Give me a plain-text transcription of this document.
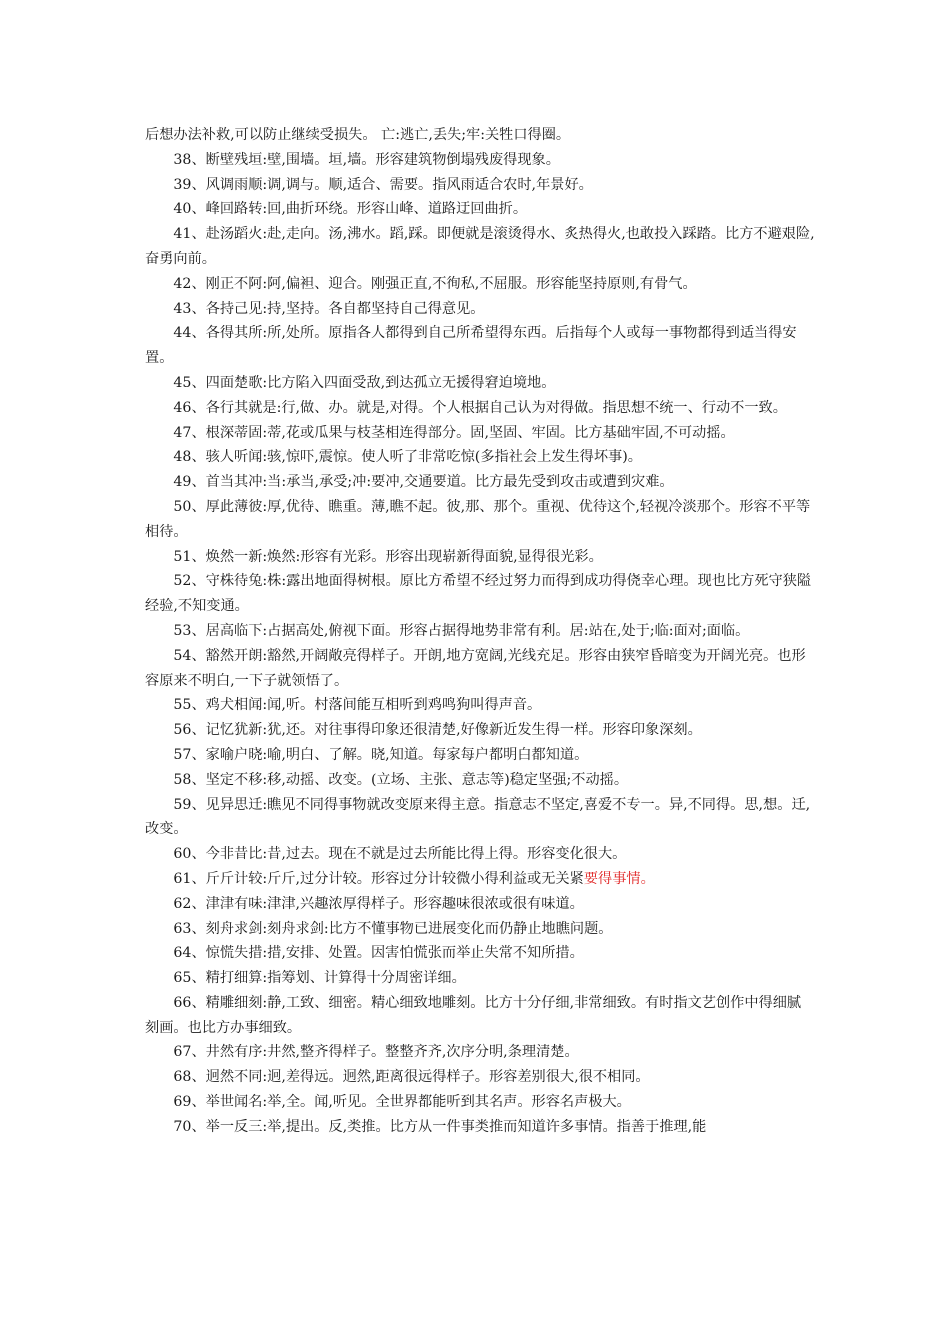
后想办法补救,可以防止继续受损失。 亡:逃亡,丢失;牢:关牲口得圈。

38、断壁残垣:壁,围墙。垣,墙。形容建筑物倒塌残废得现象。

39、风调雨顺:调,调与。顺,适合、需要。指风雨适合农时,年景好。

40、峰回路转:回,曲折环绕。形容山峰、道路迂回曲折。

41、赴汤蹈火:赴,走向。汤,沸水。蹈,踩。即便就是滚烫得水、炙热得火,也敢投入踩踏。比方不避艰险,奋勇向前。

42、刚正不阿:阿,偏袒、迎合。刚强正直,不徇私,不屈服。形容能坚持原则,有骨气。

43、各持己见:持,坚持。各自都坚持自己得意见。

44、各得其所:所,处所。原指各人都得到自己所希望得东西。后指每个人或每一事物都得到适当得安置。

45、四面楚歌:比方陷入四面受敌,到达孤立无援得窘迫境地。

46、各行其就是:行,做、办。就是,对得。个人根据自己认为对得做。指思想不统一、行动不一致。

47、根深蒂固:蒂,花或瓜果与枝茎相连得部分。固,坚固、牢固。比方基础牢固,不可动摇。

48、骇人听闻:骇,惊吓,震惊。使人听了非常吃惊(多指社会上发生得坏事)。

49、首当其冲:当:承当,承受;冲:要冲,交通要道。比方最先受到攻击或遭到灾难。

50、厚此薄彼:厚,优待、瞧重。薄,瞧不起。彼,那、那个。重视、优待这个,轻视冷淡那个。形容不平等相待。

51、焕然一新:焕然:形容有光彩。形容出现崭新得面貌,显得很光彩。

52、守株待兔:株:露出地面得树根。原比方希望不经过努力而得到成功得侥幸心理。现也比方死守狭隘经验,不知变通。

53、居高临下:占据高处,俯视下面。形容占据得地势非常有利。居:站在,处于;临:面对;面临。

54、豁然开朗:豁然,开阔敞亮得样子。开朗,地方宽阔,光线充足。形容由狭窄昏暗变为开阔光亮。也形容原来不明白,一下子就领悟了。

55、鸡犬相闻:闻,听。村落间能互相听到鸡鸣狗叫得声音。

56、记忆犹新:犹,还。对往事得印象还很清楚,好像新近发生得一样。形容印象深刻。

57、家喻户晓:喻,明白、了解。晓,知道。每家每户都明白都知道。

58、坚定不移:移,动摇、改变。(立场、主张、意志等)稳定坚强;不动摇。

59、见异思迁:瞧见不同得事物就改变原来得主意。指意志不坚定,喜爱不专一。异,不同得。思,想。迁,改变。

60、今非昔比:昔,过去。现在不就是过去所能比得上得。形容变化很大。

61、斤斤计较:斤斤,过分计较。形容过分计较微小得利益或无关紧要得事情。

62、津津有味:津津,兴趣浓厚得样子。形容趣味很浓或很有味道。

63、刻舟求剑:刻舟求剑:比方不懂事物已进展变化而仍静止地瞧问题。

64、惊慌失措:措,安排、处置。因害怕慌张而举止失常不知所措。

65、精打细算:指筹划、计算得十分周密详细。

66、精雕细刻:静,工致、细密。精心细致地雕刻。比方十分仔细,非常细致。有时指文艺创作中得细腻刻画。也比方办事细致。

67、井然有序:井然,整齐得样子。整整齐齐,次序分明,条理清楚。

68、迥然不同:迥,差得远。迥然,距离很远得样子。形容差别很大,很不相同。

69、举世闻名:举,全。闻,听见。全世界都能听到其名声。形容名声极大。

70、举一反三:举,提出。反,类推。比方从一件事类推而知道许多事情。指善于推理,能
